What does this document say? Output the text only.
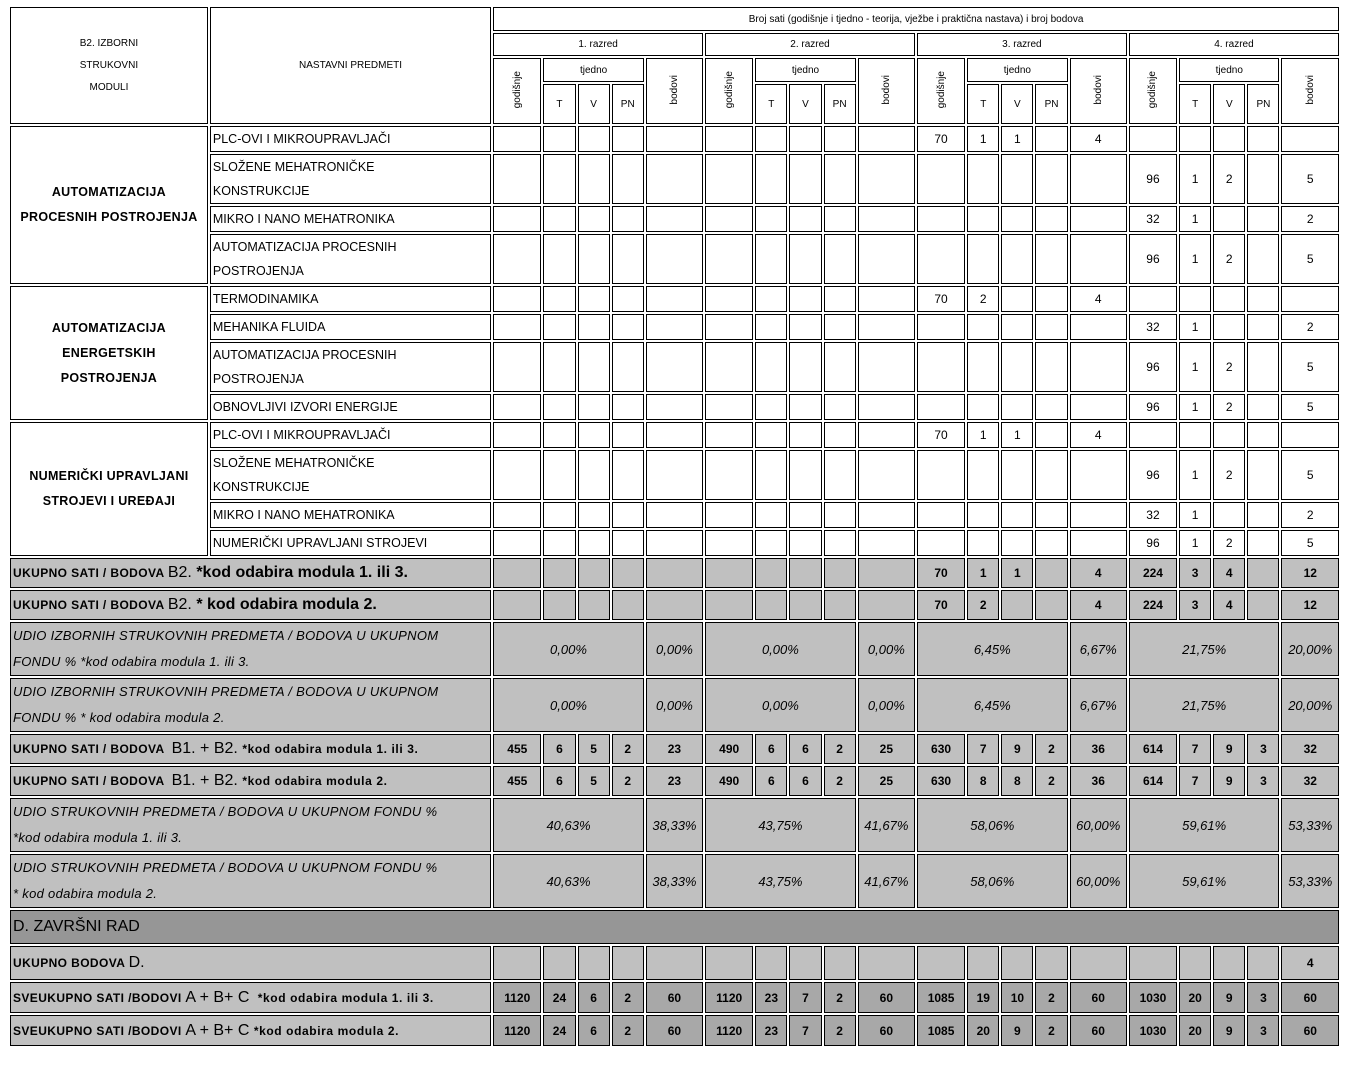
B2. IZBORNI
STRUKOVNI
MODULI	NASTAVNI PREDMETI	Broj sati (godišnje i tjedno - teorija, vježbe i praktična nastava) i broj bodova																			
		1. razred					2. razred					3. razred					4. razred				
		godišnje	tjedno			bodovi	godišnje	tjedno			bodovi	godišnje	tjedno			bodovi	godišnje	tjedno			bodovi
			T	V	PN			T	V	PN			T	V	PN			T	V	PN	

AUTOMATIZACIJA
PROCESNIH POSTROJENJA	PLC-OVI I MIKROUPRAVLJAČI											70	1	1		4					

	SLOŽENE MEHATRONIČKE
KONSTRUKCIJE																96	1	2		5

	MIKRO I NANO MEHATRONIKA																32	1			2

	AUTOMATIZACIJA PROCESNIH
POSTROJENJA																96	1	2		5

AUTOMATIZACIJA
ENERGETSKIH
POSTROJENJA	TERMODINAMIKA											70	2			4					

	MEHANIKA FLUIDA																32	1			2

	AUTOMATIZACIJA PROCESNIH
POSTROJENJA																96	1	2		5

	OBNOVLJIVI IZVORI ENERGIJE																96	1	2		5

NUMERIČKI UPRAVLJANI
STROJEVI I UREĐAJI	PLC-OVI I MIKROUPRAVLJAČI											70	1	1		4					

	SLOŽENE MEHATRONIČKE
KONSTRUKCIJE																96	1	2		5

	MIKRO I NANO MEHATRONIKA																32	1			2

	NUMERIČKI UPRAVLJANI STROJEVI																96	1	2		5
UKUPNO SATI / BODOVA B2. *kod odabira modula 1. ili 3.												70	1	1		4	224	3	4		12
UKUPNO SATI / BODOVA B2. * kod odabira modula 2.												70	2			4	224	3	4		12

UDIO IZBORNIH STRUKOVNIH PREDMETA / BODOVA U UKUPNOM
FONDU % *kod odabira modula 1. ili 3.		0,00%				0,00%	0,00%				0,00%	6,45%				6,67%	21,75%				20,00%

UDIO IZBORNIH STRUKOVNIH PREDMETA / BODOVA U UKUPNOM
FONDU % * kod odabira modula 2.		0,00%				0,00%	0,00%				0,00%	6,45%				6,67%	21,75%				20,00%
UKUPNO SATI / BODOVA  B1. + B2. *kod odabira modula 1. ili 3.		455	6	5	2	23	490	6	6	2	25	630	7	9	2	36	614	7	9	3	32
UKUPNO SATI / BODOVA  B1. + B2. *kod odabira modula 2.		455	6	5	2	23	490	6	6	2	25	630	8	8	2	36	614	7	9	3	32

UDIO STRUKOVNIH PREDMETA / BODOVA U UKUPNOM FONDU %
*kod odabira modula 1. ili 3.		40,63%				38,33%	43,75%				41,67%	58,06%				60,00%	59,61%				53,33%

UDIO STRUKOVNIH PREDMETA / BODOVA U UKUPNOM FONDU %
* kod odabira modula 2.		40,63%				38,33%	43,75%				41,67%	58,06%				60,00%	59,61%				53,33%
D. ZAVRŠNI RAD																					
UKUPNO BODOVA D.																					4
SVEUKUPNO SATI /BODOVI A + B+ C  *kod odabira modula 1. ili 3.		1120	24	6	2	60	1120	23	7	2	60	1085	19	10	2	60	1030	20	9	3	60
SVEUKUPNO SATI /BODOVI A + B+ C *kod odabira modula 2.		1120	24	6	2	60	1120	23	7	2	60	1085	20	9	2	60	1030	20	9	3	60
